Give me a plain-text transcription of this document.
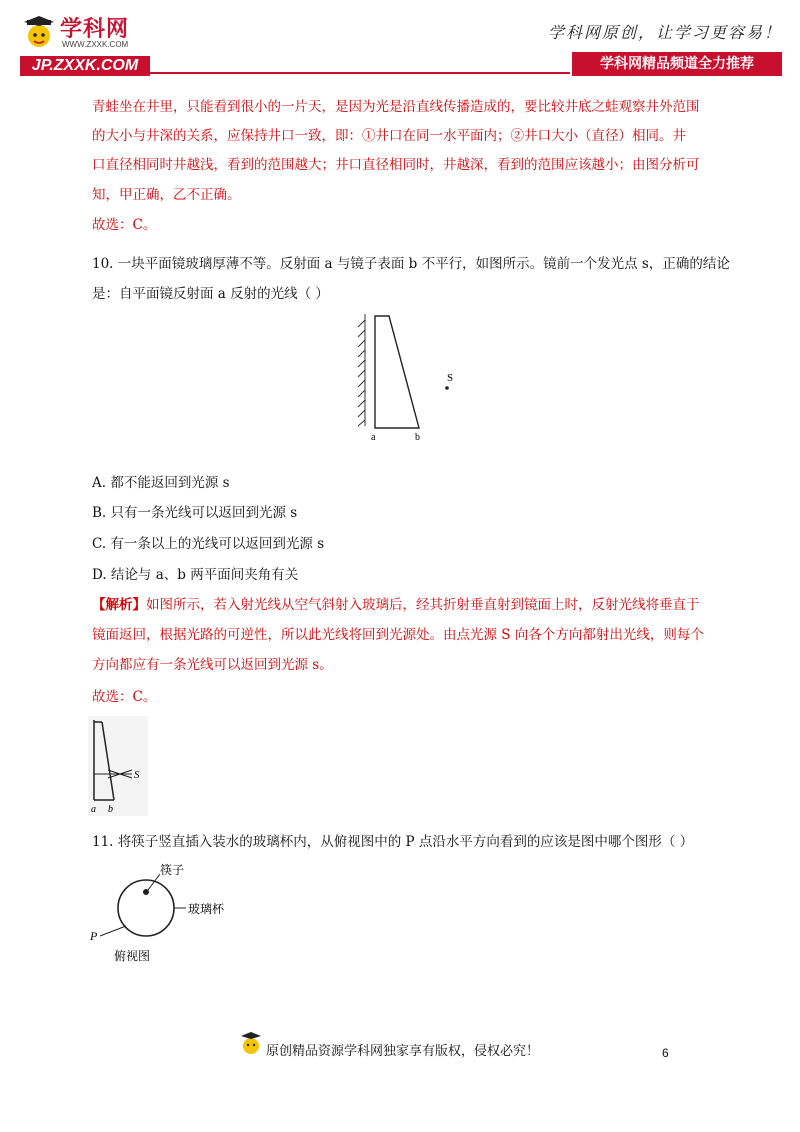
学科网
WWW.ZXXK.COM
JP.ZXXK.COM
学科网原创，让学习更容易！
学科网精品频道全力推荐
青蛙坐在井里，只能看到很小的一片天，是因为光是沿直线传播造成的，要比较井底之蛙观察井外范围
的大小与井深的关系，应保持井口一致，即：①井口在同一水平面内；②井口大小（直径）相同。井
口直径相同时井越浅，看到的范围越大；井口直径相同时，井越深，看到的范围应该越小；由图分析可
知，甲正确，乙不正确。
故选：C。
10. 一块平面镜玻璃厚薄不等。反射面 a 与镜子表面 b 不平行，如图所示。镜前一个发光点 s，正确的结论
是：自平面镜反射面 a 反射的光线（ ）
S
a	b
A. 都不能返回到光源 s
B. 只有一条光线可以返回到光源 s
C. 有一条以上的光线可以返回到光源 s
D. 结论与 a、b 两平面间夹角有关
【解析】如图所示，若入射光线从空气斜射入玻璃后，经其折射垂直射到镜面上时，反射光线将垂直于
镜面返回，根据光路的可逆性，所以此光线将回到光源处。由点光源 S 向各个方向都射出光线，则每个
方向都应有一条光线可以返回到光源 s。
故选：C。
S
a b
11. 将筷子竖直插入装水的玻璃杯内，从俯视图中的 P 点沿水平方向看到的应该是图中哪个图形（ ）
筷子
玻璃杯
P
俯视图
原创精品资源学科网独家享有版权，侵权必究！	6
